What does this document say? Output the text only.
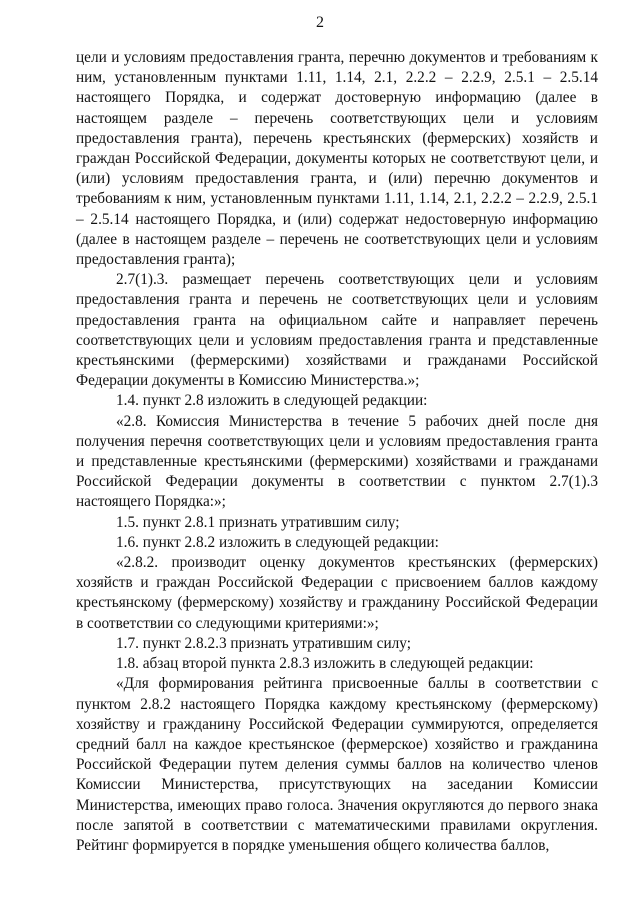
2

цели и условиям предоставления гранта, перечню документов и требованиям к ним, установленным пунктами 1.11, 1.14, 2.1, 2.2.2 – 2.2.9, 2.5.1 – 2.5.14 настоящего Порядка, и содержат достоверную информацию (далее в настоящем разделе – перечень соответствующих цели и условиям предоставления гранта), перечень крестьянских (фермерских) хозяйств и граждан Российской Федерации, документы которых не соответствуют цели, и (или) условиям предоставления гранта, и (или) перечню документов и требованиям к ним, установленным пунктами 1.11, 1.14, 2.1, 2.2.2 – 2.2.9, 2.5.1 – 2.5.14 настоящего Порядка, и (или) содержат недостоверную информацию (далее в настоящем разделе – перечень не соответствующих цели и условиям предоставления гранта);

2.7(1).3. размещает перечень соответствующих цели и условиям предоставления гранта и перечень не соответствующих цели и условиям предоставления гранта на официальном сайте и направляет перечень соответствующих цели и условиям предоставления гранта и представленные крестьянскими (фермерскими) хозяйствами и гражданами Российской Федерации документы в Комиссию Министерства.»;

1.4. пункт 2.8 изложить в следующей редакции:

«2.8. Комиссия Министерства в течение 5 рабочих дней после дня получения перечня соответствующих цели и условиям предоставления гранта и представленные крестьянскими (фермерскими) хозяйствами и гражданами Российской Федерации документы в соответствии с пунктом 2.7(1).3 настоящего Порядка:»;

1.5. пункт 2.8.1 признать утратившим силу;

1.6. пункт 2.8.2 изложить в следующей редакции:

«2.8.2. производит оценку документов крестьянских (фермерских) хозяйств и граждан Российской Федерации с присвоением баллов каждому крестьянскому (фермерскому) хозяйству и гражданину Российской Федерации в соответствии со следующими критериями:»;

1.7. пункт 2.8.2.3 признать утратившим силу;

1.8. абзац второй пункта 2.8.3 изложить в следующей редакции:

«Для формирования рейтинга присвоенные баллы в соответствии с пунктом 2.8.2 настоящего Порядка каждому крестьянскому (фермерскому) хозяйству и гражданину Российской Федерации суммируются, определяется средний балл на каждое крестьянское (фермерское) хозяйство и гражданина Российской Федерации путем деления суммы баллов на количество членов Комиссии Министерства, присутствующих на заседании Комиссии Министерства, имеющих право голоса. Значения округляются до первого знака после запятой в соответствии с математическими правилами округления. Рейтинг формируется в порядке уменьшения общего количества баллов,
